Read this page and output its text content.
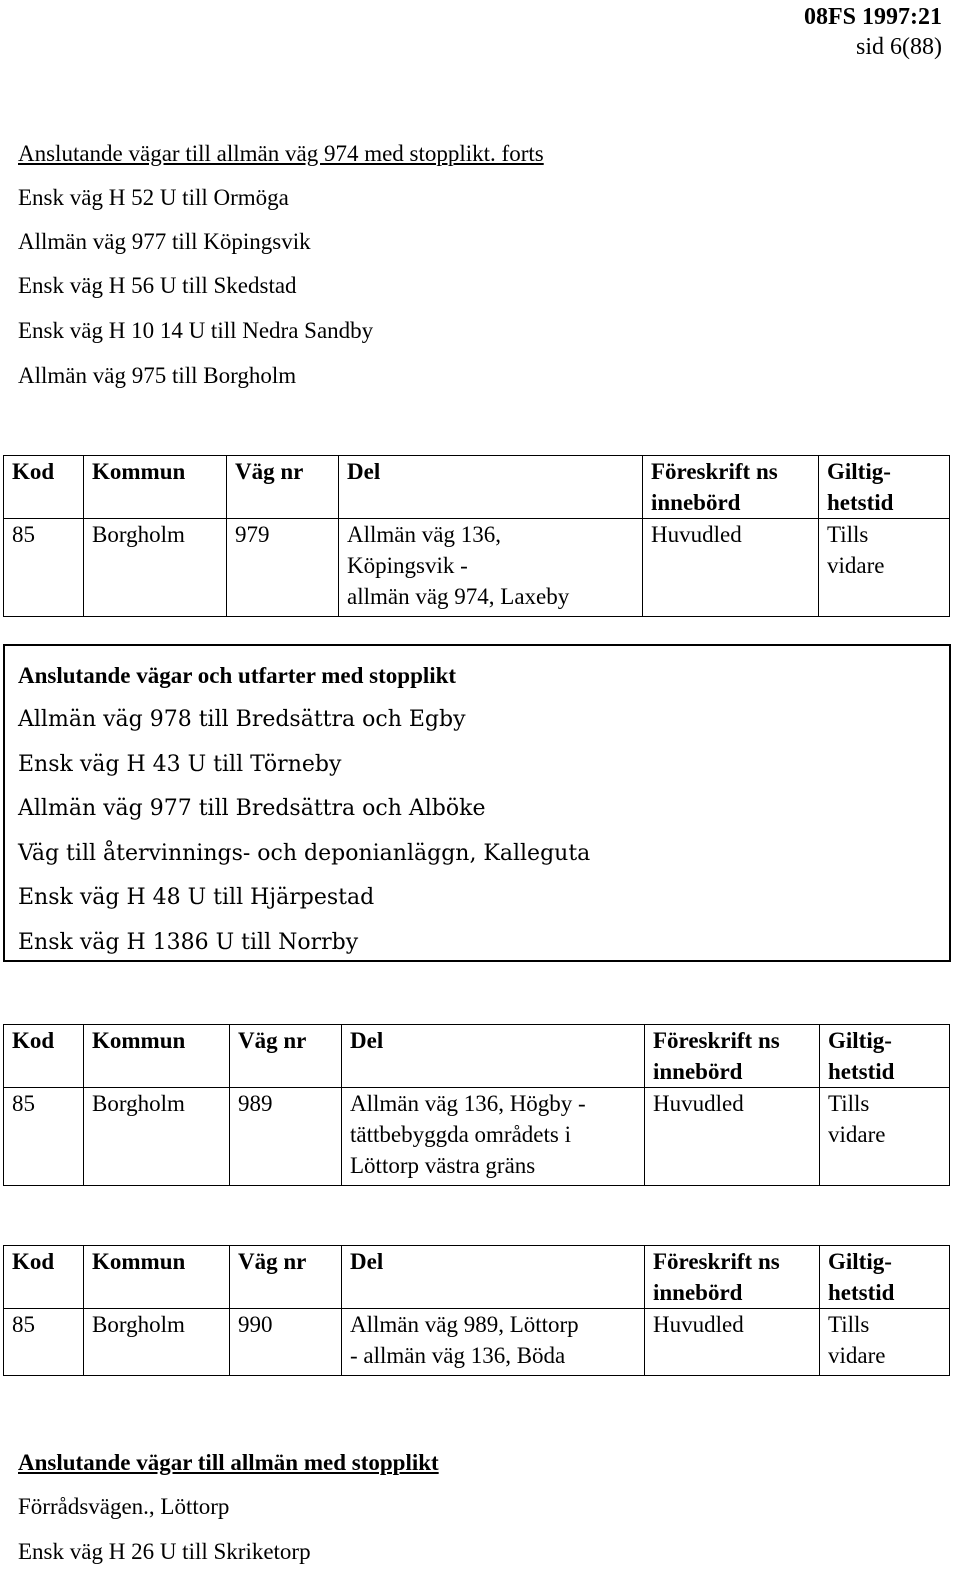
08FS 1997:21
sid 6(88)
Anslutande vägar till allmän väg 974 med stopplikt. forts
Ensk väg H 52 U till Ormöga
Allmän väg 977 till Köpingsvik
Ensk väg H 56 U till Skedstad
Ensk väg H 10 14 U till Nedra Sandby
Allmän väg 975 till Borgholm
Kod	Kommun	Väg nr	Del	Föreskrift ns
innebörd	Giltig-
hetstid
85	Borgholm	979	Allmän väg 136,
Köpingsvik -
allmän väg 974, Laxeby	Huvudled	Tills
vidare
Anslutande vägar och utfarter med stopplikt
Allmän väg 978 till Bredsättra och Egby
Ensk väg H 43 U till Törneby
Allmän väg 977 till Bredsättra och Alböke
Väg till återvinnings- och deponianläggn, Kalleguta
Ensk väg H 48 U till Hjärpestad
Ensk väg H 1386 U till Norrby
Kod	Kommun	Väg nr	Del	Föreskrift ns
innebörd	Giltig-
hetstid
85	Borgholm	989	Allmän väg 136, Högby -
tättbebyggda områdets i
Löttorp västra gräns	Huvudled	Tills
vidare
Kod	Kommun	Väg nr	Del	Föreskrift ns
innebörd	Giltig-
hetstid
85	Borgholm	990	Allmän väg 989, Löttorp
- allmän väg 136, Böda	Huvudled	Tills
vidare
Anslutande vägar till allmän med stopplikt
Förrådsvägen., Löttorp
Ensk väg H 26 U till Skriketorp
